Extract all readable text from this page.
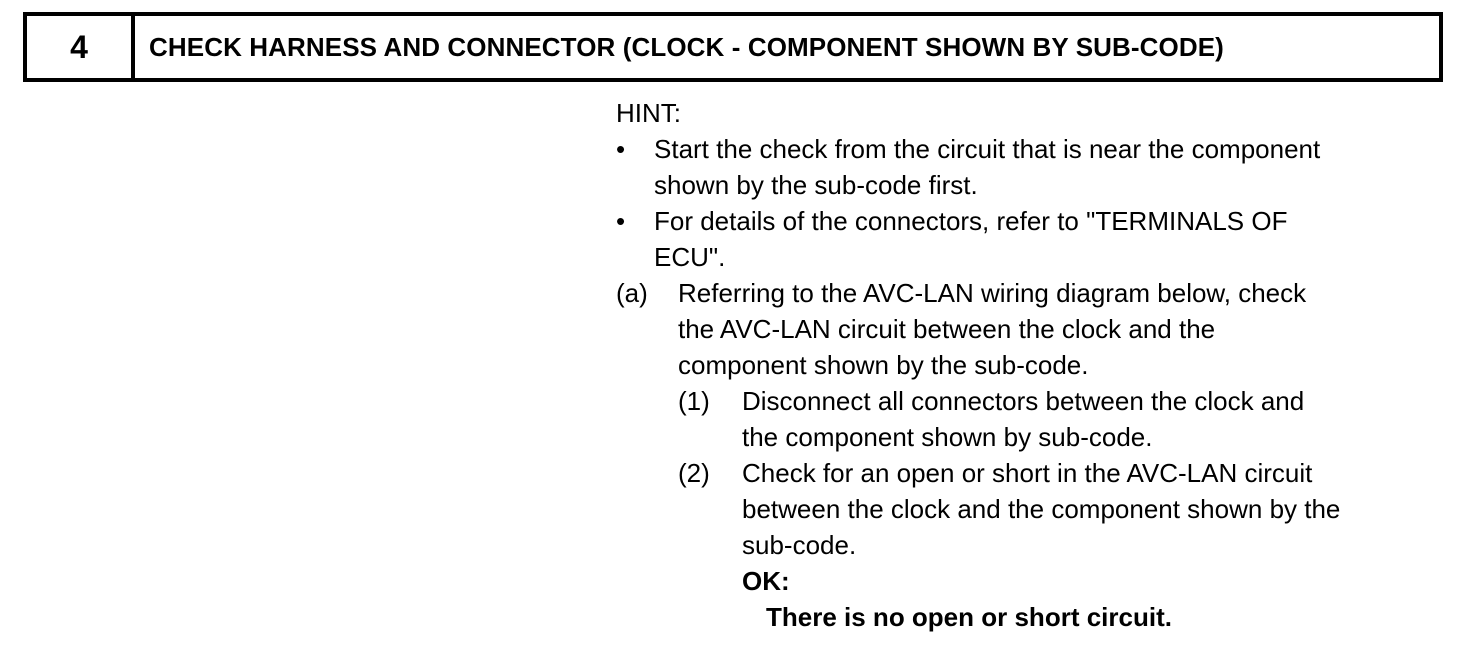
4	CHECK HARNESS AND CONNECTOR (CLOCK - COMPONENT SHOWN BY SUB-CODE)
HINT:
• Start the check from the circuit that is near the component
shown by the sub-code first.
• For details of the connectors, refer to "TERMINALS OF
ECU".
(a) Referring to the AVC-LAN wiring diagram below, check
the AVC-LAN circuit between the clock and the
component shown by the sub-code.
(1) Disconnect all connectors between the clock and
the component shown by sub-code.
(2) Check for an open or short in the AVC-LAN circuit
between the clock and the component shown by the
sub-code.
OK:
There is no open or short circuit.
